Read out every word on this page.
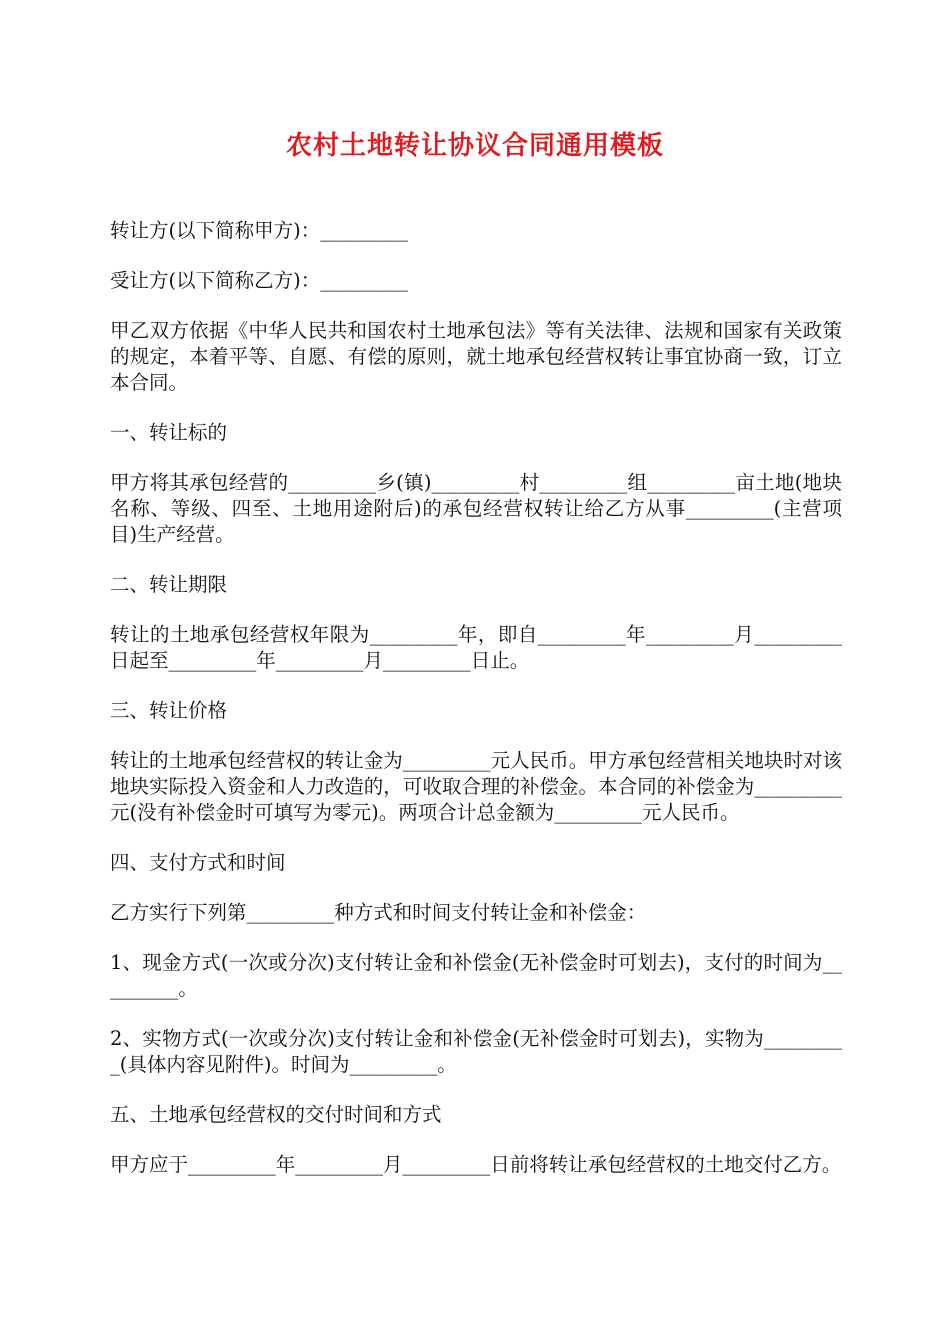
农村土地转让协议合同通用模板

转让方(以下简称甲方)：_________

受让方(以下简称乙方)：_________

甲乙双方依据《中华人民共和国农村土地承包法》等有关法律、法规和国家有关政策的规定，本着平等、自愿、有偿的原则，就土地承包经营权转让事宜协商一致，订立本合同。

一、转让标的

甲方将其承包经营的_________乡(镇)_________村_________组_________亩土地(地块名称、等级、四至、土地用途附后)的承包经营权转让给乙方从事_________(主营项目)生产经营。

二、转让期限

转让的土地承包经营权年限为_________年，即自_________年_________月_________日起至_________年_________月_________日止。

三、转让价格

转让的土地承包经营权的转让金为_________元人民币。甲方承包经营相关地块时对该地块实际投入资金和人力改造的，可收取合理的补偿金。本合同的补偿金为_________元(没有补偿金时可填写为零元)。两项合计总金额为_________元人民币。

四、支付方式和时间

乙方实行下列第_________种方式和时间支付转让金和补偿金：

1、现金方式(一次或分次)支付转让金和补偿金(无补偿金时可划去)，支付的时间为_________。

2、实物方式(一次或分次)支付转让金和补偿金(无补偿金时可划去)，实物为_________(具体内容见附件)。时间为_________。

五、土地承包经营权的交付时间和方式

甲方应于_________年_________月_________日前将转让承包经营权的土地交付乙方。
